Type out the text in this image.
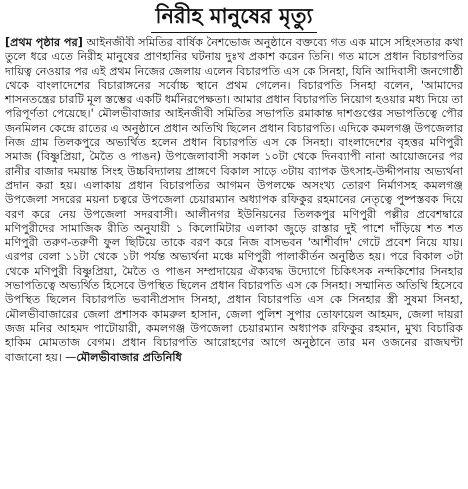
নিরীহ মানুষের মৃত্যু

[প্রথম পৃষ্ঠার পর] আইনজীবী সমিতির বার্ষিক নৈশভোজ অনুষ্ঠানে বক্তব্যে গত এক মাসে সহিংসতার কথা তুলে ধরে এতে নিরীহ মানুষের প্রাণহানির ঘটনায় দুঃখ প্রকাশ করেন তিনি। গত মাসে প্রধান বিচারপতির দায়িত্ব নেওয়ার পর এই প্রথম নিজের জেলায় এলেন বিচারপতি এস কে সিনহা, যিনি আদিবাসী জনগোষ্ঠী থেকে বাংলাদেশের বিচারাঙ্গনের সর্বোচ্চ স্থানে প্রথম গেলেন। বিচারপতি সিনহা বলেন, 'আমাদের শাসনতন্ত্রের চারটি মূল স্তম্ভের একটি ধর্মনিরপেক্ষতা। আমার প্রধান বিচারপতি নিয়োগ হওয়ার মধ্য দিয়ে তা পরিপূর্ণতা পেয়েছে।' মৌলভীবাজার আইনজীবী সমিতির সভাপতি রমাকান্ত দাশগুপ্তের সভাপতিত্বে পৌর জনমিলন কেন্দ্রে রাতের এ অনুষ্ঠানে প্রধান অতিথি ছিলেন প্রধান বিচারপতি। এদিকে কমলগঞ্জ উপজেলার নিজ গ্রাম তিলকপুরে অভ্যর্থিত হলেন প্রধান বিচারপতি এস কে সিনহা। বাংলাদেশের বৃহত্তর মণিপুরী সমাজ (বিষ্ণুপ্রিয়া, মৈতৈ ও পাঙন) উপজেলাবাসী সকাল ১০টা থেকে দিনব্যাপী নানা আয়োজনের পর রানীর বাজার দময়ান্ত সিংহ উচ্চবিদ্যালয় প্রাঙ্গণে বিকাল সাড়ে ৩টায় ব্যাপক উৎসাহ-উদ্দীপনায় অভ্যর্থনা প্রদান করা হয়। এলাকায় প্রধান বিচারপতির আগমন উপলক্ষে অসংখ্য তোরণ নির্মাণসহ কমলগঞ্জ উপজেলা সদরের ময়না চত্বরে উপজেলা চেয়ারম্যান অধ্যাপক রফিকুর রহমানের নেতৃত্বে পুষ্পস্তবক দিয়ে বরণ করে নেয় উপজেলা সদরবাসী। আলীনগর ইউনিয়নের তিলকপুর মণিপুরী পল্লীর প্রবেশদ্বারে মণিপুরীদের সামাজিক রীতি অনুযায়ী ১ কিলোমিটার এলাকা জুড়ে রাস্তার দুই পাশে দাঁড়িয়ে শত শত মণিপুরী তরুণ-তরুণী ফুল ছিটিয়ে তাকে বরণ করে নিজ বাসভবন 'আশীর্বাদ' গেটে প্রবেশ নিয়ে যায়। এরপর বেলা ১১টা থেকে ১টা পর্যন্ত অভ্যর্থনা মঞ্চে মণিপুরী পালাকীর্তন অনুষ্ঠিত হয়। পরে বিকাল ৩টা থেকে মণিপুরী বিষ্ণুপ্রিয়া, মৈতৈ ও পাঙন সম্প্রদায়ের ঐক্যবদ্ধ উদ্যোগে চিকিৎসক নন্দকিশোর সিনহার সভাপতিত্বে অভ্যর্থিত হিসেবে উপস্থিত ছিলেন প্রধান বিচারপতি এস কে সিনহা। সম্মানিত অতিথি হিসেবে উপস্থিত ছিলেন বিচারপতি ভবানীপ্রসাদ সিনহা, প্রধান বিচারপতি এস কে সিনহার স্ত্রী সুষমা সিনহা, মৌলভীবাজারের জেলা প্রশাসক কামরুল হাসান, জেলা পুলিশ সুপার তোফায়েল আহমদ, জেলা দায়রা জজ মনির আহমদ পাটোয়ারী, কমলগঞ্জ উপজেলা চেয়ারম্যান অধ্যাপক রফিকুর রহমান, মুখ্য বিচারিক হাকিম মোমতাজ বেগম। প্রধান বিচারপতি আরোহণের আগে অনুষ্ঠানে তার মন ওজনের রাজঘণ্টা বাজানো হয়। —মৌলভীবাজার প্রতিনিধি
